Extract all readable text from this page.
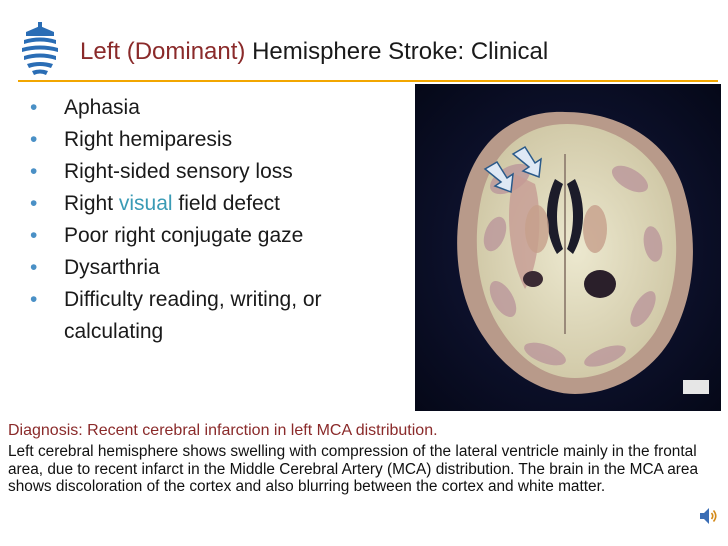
Left (Dominant) Hemisphere Stroke: Clinical
• Aphasia
• Right hemiparesis
• Right-sided sensory loss
• Right visual field defect
• Poor right conjugate gaze
• Dysarthria
• Difficulty reading, writing, or calculating
Diagnosis: Recent cerebral infarction in left MCA distribution.
Left cerebral hemisphere shows swelling with compression of the lateral ventricle mainly in the frontal area, due to recent infarct in the Middle Cerebral Artery (MCA) distribution. The brain in the MCA area shows discoloration of the cortex and also blurring between the cortex and white matter.
